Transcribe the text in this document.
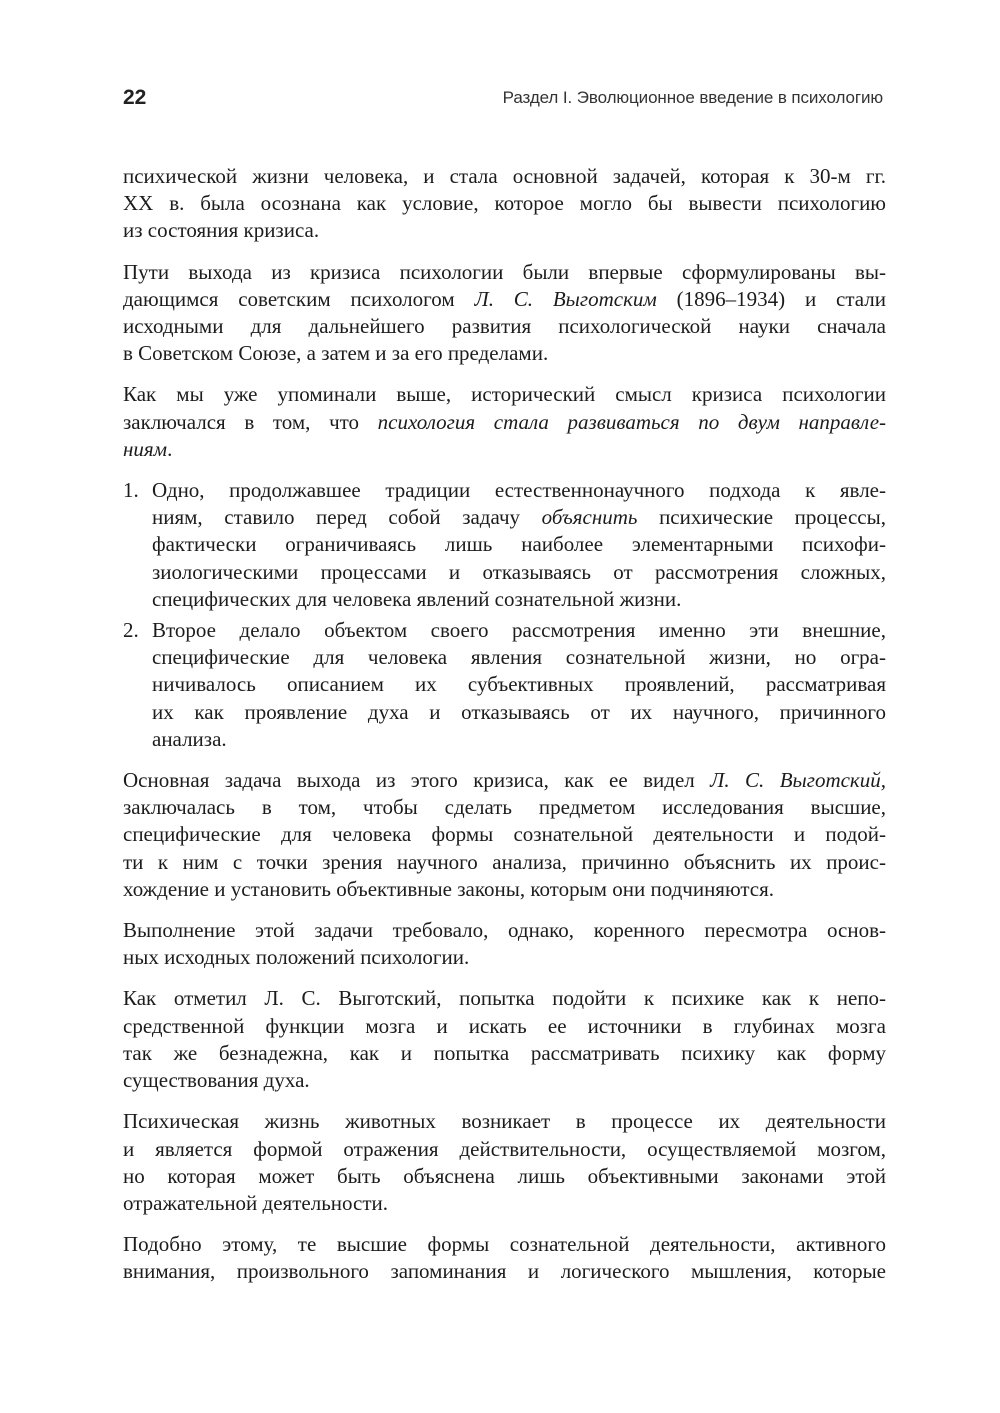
22	Раздел I. Эволюционное введение в психологию

психической жизни человека, и стала основной задачей, которая к 30-м гг.
XX в. была осознана как условие, которое могло бы вывести психологию
из состояния кризиса.

Пути выхода из кризиса психологии были впервые сформулированы вы-
дающимся советским психологом Л. С. Выготским (1896–1934) и стали
исходными для дальнейшего развития психологической науки сначала
в Советском Союзе, а затем и за его пределами.

Как мы уже упоминали выше, исторический смысл кризиса психологии
заключался в том, что психология стала развиваться по двум направле-
ниям.

1. Одно, продолжавшее традиции естественнонаучного подхода к явле-
ниям, ставило перед собой задачу объяснить психические процессы,
фактически ограничиваясь лишь наиболее элементарными психофи-
зиологическими процессами и отказываясь от рассмотрения сложных,
специфических для человека явлений сознательной жизни.
2. Второе делало объектом своего рассмотрения именно эти внешние,
специфические для человека явления сознательной жизни, но огра-
ничивалось описанием их субъективных проявлений, рассматривая
их как проявление духа и отказываясь от их научного, причинного
анализа.

Основная задача выхода из этого кризиса, как ее видел Л. С. Выготский,
заключалась в том, чтобы сделать предметом исследования высшие,
специфические для человека формы сознательной деятельности и подой-
ти к ним с точки зрения научного анализа, причинно объяснить их проис-
хождение и установить объективные законы, которым они подчиняются.

Выполнение этой задачи требовало, однако, коренного пересмотра основ-
ных исходных положений психологии.

Как отметил Л. С. Выготский, попытка подойти к психике как к непо-
средственной функции мозга и искать ее источники в глубинах мозга
так же безнадежна, как и попытка рассматривать психику как форму
существования духа.

Психическая жизнь животных возникает в процессе их деятельности
и является формой отражения действительности, осуществляемой мозгом,
но которая может быть объяснена лишь объективными законами этой
отражательной деятельности.

Подобно этому, те высшие формы сознательной деятельности, активного
внимания, произвольного запоминания и логического мышления, которые
